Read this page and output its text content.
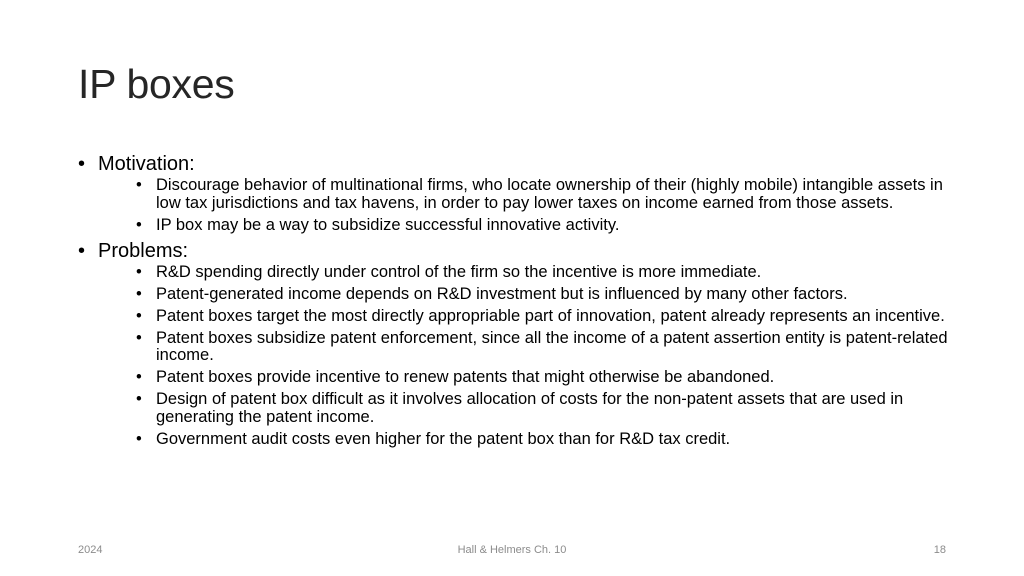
IP boxes
• Motivation:
• Discourage behavior of multinational firms, who locate ownership of their (highly mobile) intangible assets in low tax jurisdictions and tax havens, in order to pay lower taxes on income earned from those assets.
• IP box may be a way to subsidize successful innovative activity.
• Problems:
• R&D spending directly under control of the firm so the incentive is more immediate.
• Patent-generated income depends on R&D investment but is influenced by many other factors.
• Patent boxes target the most directly appropriable part of innovation, patent already represents an incentive.
• Patent boxes subsidize patent enforcement, since all the income of a patent assertion entity is patent-related income.
• Patent boxes provide incentive to renew patents that might otherwise be abandoned.
• Design of patent box difficult as it involves allocation of costs for the non-patent assets that are used in generating the patent income.
• Government audit costs even higher for the patent box than for R&D tax credit.
2024	Hall & Helmers Ch. 10	18
